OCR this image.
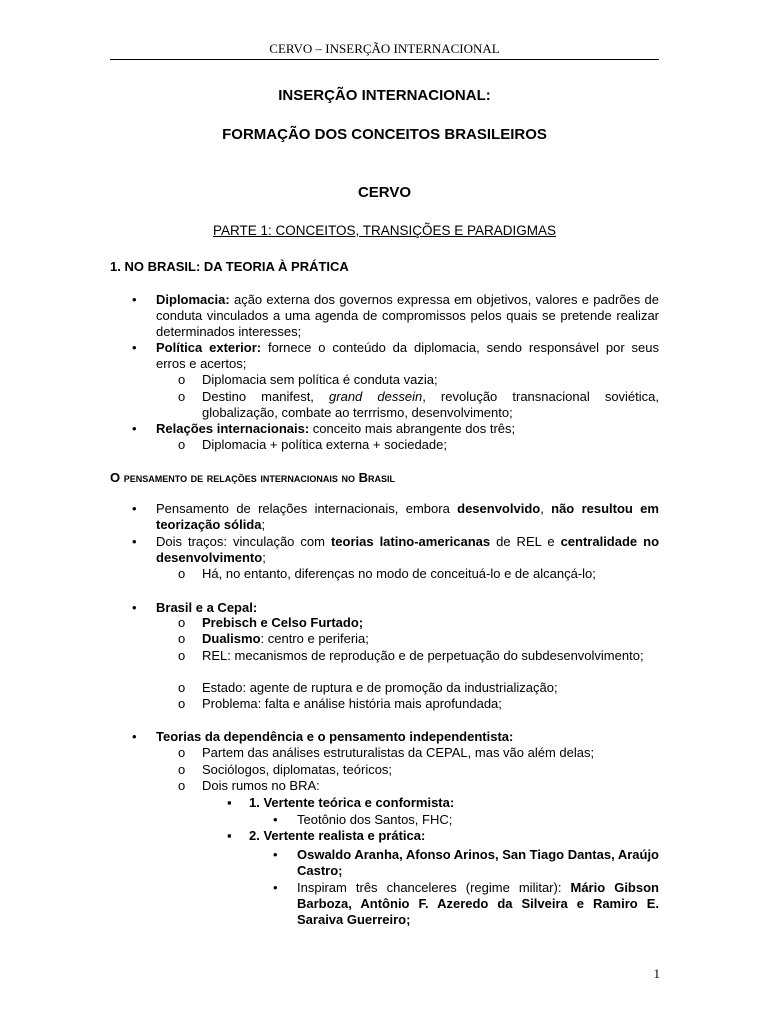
CERVO – INSERÇÃO INTERNACIONAL
INSERÇÃO INTERNACIONAL:
FORMAÇÃO DOS CONCEITOS BRASILEIROS
CERVO
PARTE 1: CONCEITOS, TRANSIÇÕES E PARADIGMAS
1. NO BRASIL: DA TEORIA À PRÁTICA
•
Diplomacia: ação externa dos governos expressa em objetivos, valores e padrões de conduta vinculados a uma agenda de compromissos pelos quais se pretende realizar determinados interesses;
•
Política exterior: fornece o conteúdo da diplomacia, sendo responsável por seus erros e acertos;
o Diplomacia sem política é conduta vazia;
o Destino manifest, grand dessein, revolução transnacional soviética, globalização, combate ao terrrismo, desenvolvimento;
•
Relações internacionais: conceito mais abrangente dos três;
o Diplomacia + política externa + sociedade;
O pensamento de relações internacionais no Brasil
•
Pensamento de relações internacionais, embora desenvolvido, não resultou em teorização sólida;
•
Dois traços: vinculação com teorias latino-americanas de REL e centralidade no desenvolvimento;
o Há, no entanto, diferenças no modo de conceituá-lo e de alcançá-lo;
•
Brasil e a Cepal:
o Prebisch e Celso Furtado;
o Dualismo: centro e periferia;
o REL: mecanismos de reprodução e de perpetuação do subdesenvolvimento;
o Estado: agente de ruptura e de promoção da industrialização;
o Problema: falta e análise história mais aprofundada;
•
Teorias da dependência e o pensamento independentista:
o Partem das análises estruturalistas da CEPAL, mas vão além delas;
o Sociólogos, diplomatas, teóricos;
o Dois rumos no BRA:
▪
1. Vertente teórica e conformista:
•
Teotônio dos Santos, FHC;
▪
2. Vertente realista e prática:
•
Oswaldo Aranha, Afonso Arinos, San Tiago Dantas, Araújo Castro;
•
Inspiram três chanceleres (regime militar): Mário Gibson Barboza, Antônio F. Azeredo da Silveira e Ramiro E. Saraiva Guerreiro;
1
